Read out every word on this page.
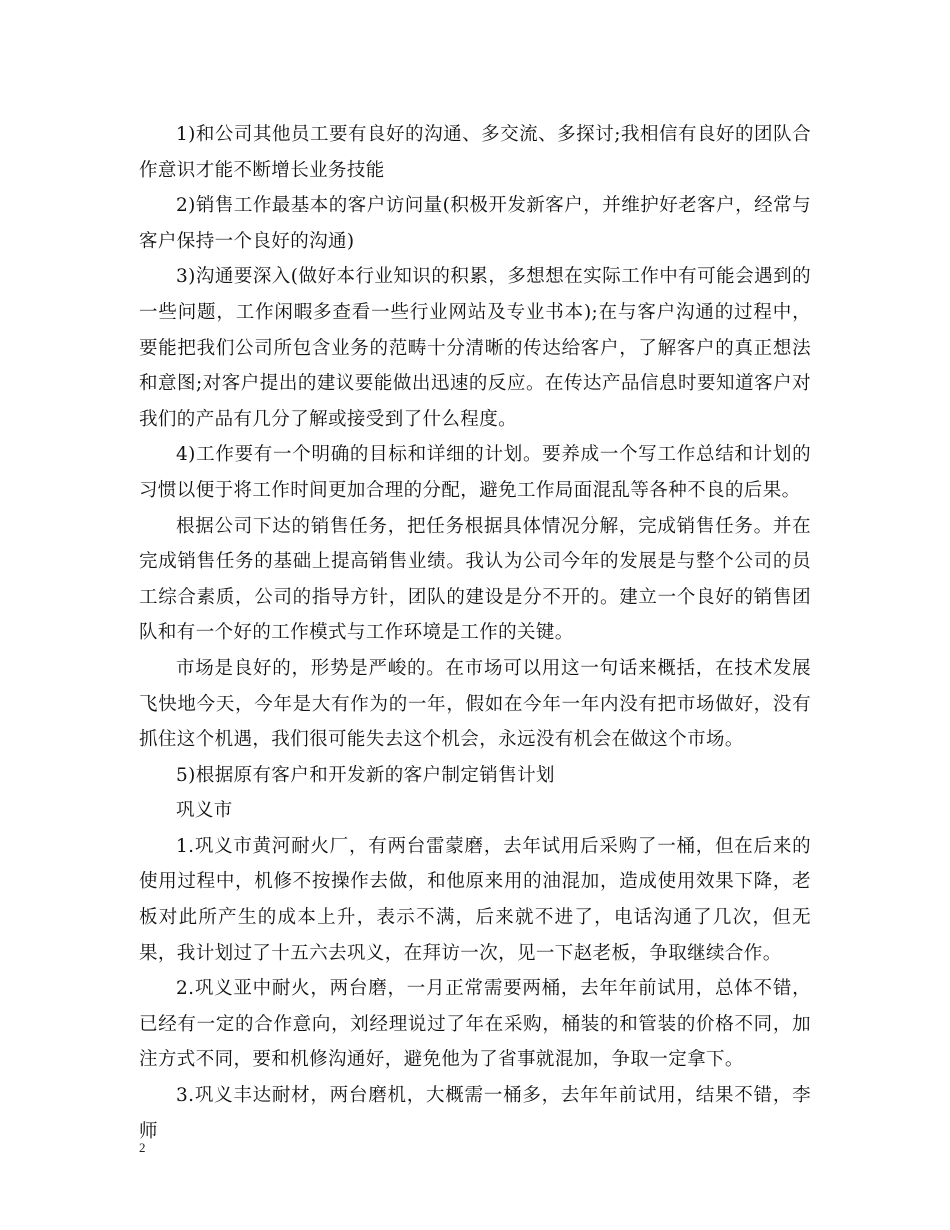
1)和公司其他员工要有良好的沟通、多交流、多探讨;我相信有良好的团队合作意识才能不断增长业务技能

2)销售工作最基本的客户访问量(积极开发新客户，并维护好老客户，经常与客户保持一个良好的沟通)

3)沟通要深入(做好本行业知识的积累，多想想在实际工作中有可能会遇到的一些问题，工作闲暇多查看一些行业网站及专业书本);在与客户沟通的过程中，要能把我们公司所包含业务的范畴十分清晰的传达给客户，了解客户的真正想法和意图;对客户提出的建议要能做出迅速的反应。在传达产品信息时要知道客户对我们的产品有几分了解或接受到了什么程度。

4)工作要有一个明确的目标和详细的计划。要养成一个写工作总结和计划的习惯以便于将工作时间更加合理的分配，避免工作局面混乱等各种不良的后果。

根据公司下达的销售任务，把任务根据具体情况分解，完成销售任务。并在完成销售任务的基础上提高销售业绩。我认为公司今年的发展是与整个公司的员工综合素质，公司的指导方针，团队的建设是分不开的。建立一个良好的销售团队和有一个好的工作模式与工作环境是工作的关键。

市场是良好的，形势是严峻的。在市场可以用这一句话来概括，在技术发展飞快地今天，今年是大有作为的一年，假如在今年一年内没有把市场做好，没有抓住这个机遇，我们很可能失去这个机会，永远没有机会在做这个市场。

5)根据原有客户和开发新的客户制定销售计划

巩义市

1.巩义市黄河耐火厂，有两台雷蒙磨，去年试用后采购了一桶，但在后来的使用过程中，机修不按操作去做，和他原来用的油混加，造成使用效果下降，老板对此所产生的成本上升，表示不满，后来就不进了，电话沟通了几次，但无果，我计划过了十五六去巩义，在拜访一次，见一下赵老板，争取继续合作。

2.巩义亚中耐火，两台磨，一月正常需要两桶，去年年前试用，总体不错，已经有一定的合作意向，刘经理说过了年在采购，桶装的和管装的价格不同，加注方式不同，要和机修沟通好，避免他为了省事就混加，争取一定拿下。

3.巩义丰达耐材，两台磨机，大概需一桶多，去年年前试用，结果不错，李师

2
